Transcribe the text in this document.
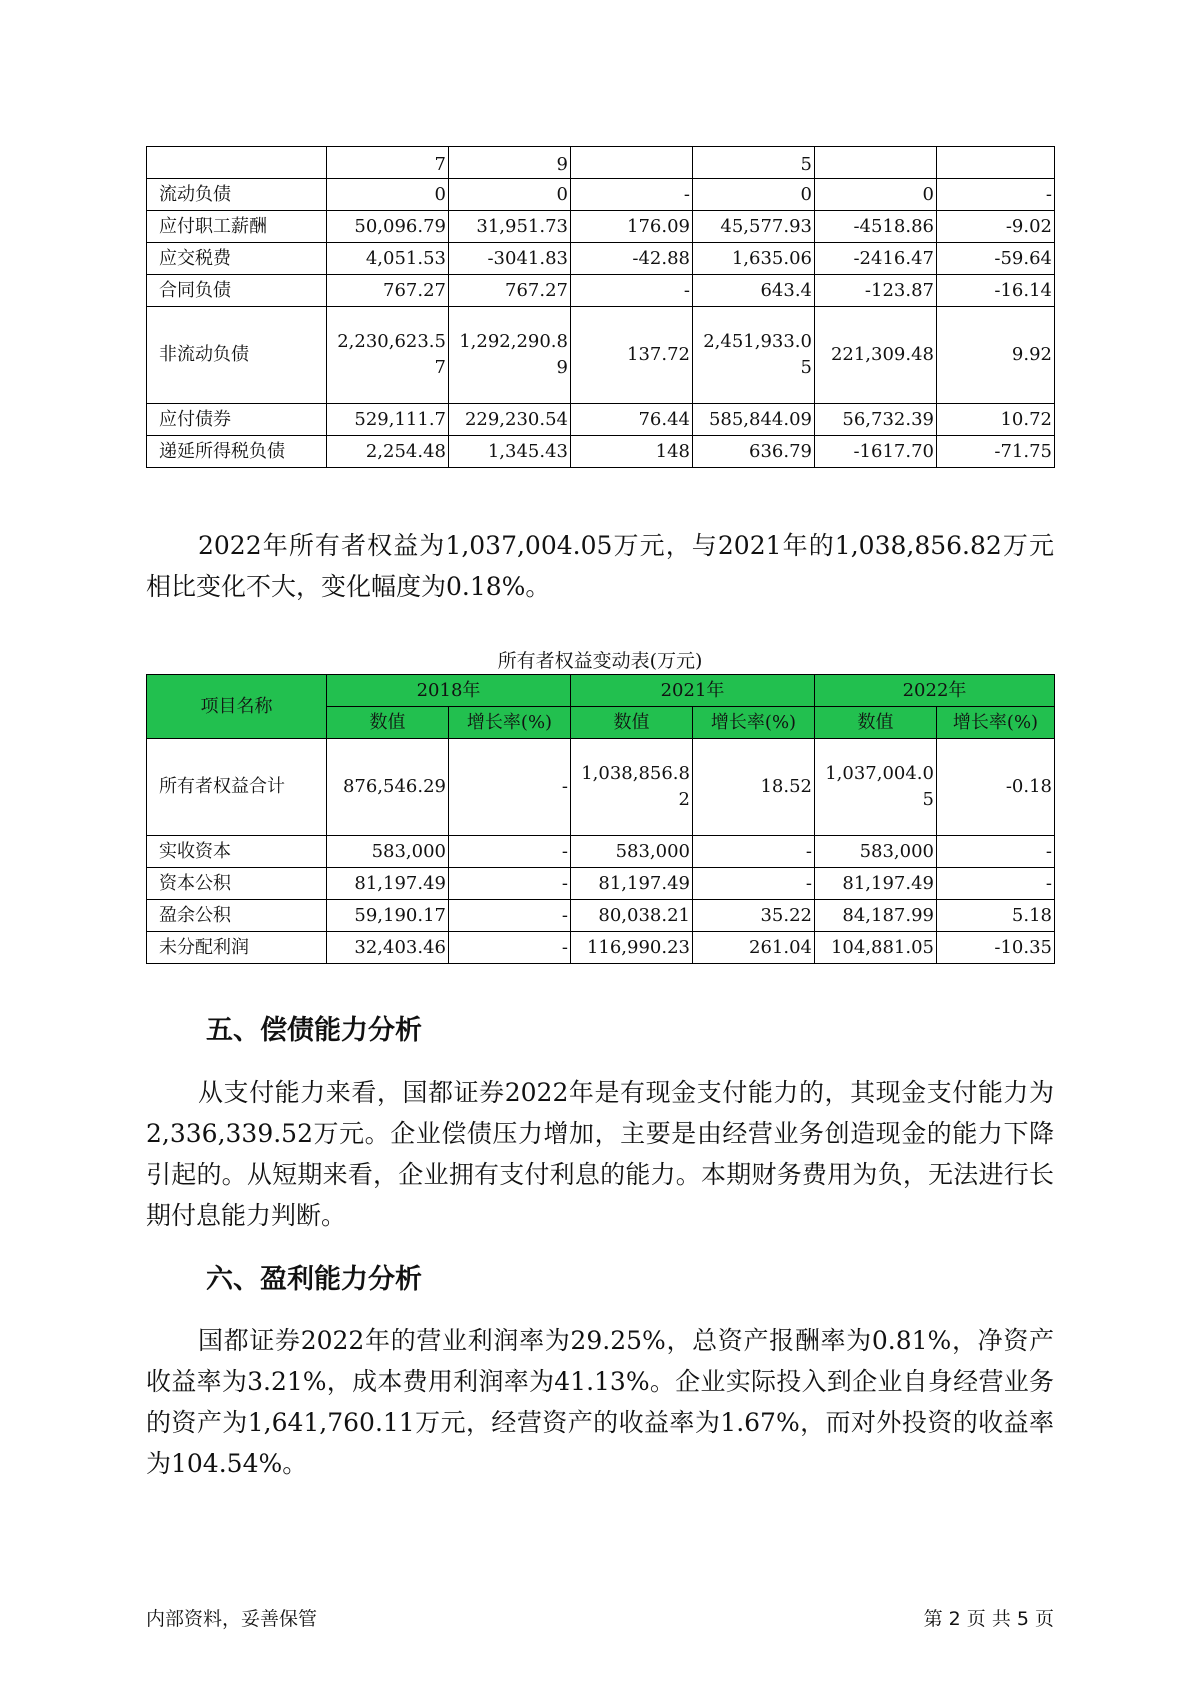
	7	9		5		
流动负债	0	0	-	0	0	-
应付职工薪酬	50,096.79	31,951.73	176.09	45,577.93	-4518.86	-9.02
应交税费	4,051.53	-3041.83	-42.88	1,635.06	-2416.47	-59.64
合同负债	767.27	767.27	-	643.4	-123.87	-16.14
非流动负债	2,230,623.57	1,292,290.89	137.72	2,451,933.05	221,309.48	9.92
应付债券	529,111.7	229,230.54	76.44	585,844.09	56,732.39	10.72
递延所得税负债	2,254.48	1,345.43	148	636.79	-1617.70	-71.75

2022年所有者权益为1,037,004.05万元，与2021年的1,038,856.82万元相比变化不大，变化幅度为0.18%。

所有者权益变动表(万元)
项目名称	2018年		2021年		2022年	
	数值	增长率(%)	数值	增长率(%)	数值	增长率(%)
所有者权益合计	876,546.29	-	1,038,856.82	18.52	1,037,004.05	-0.18
实收资本	583,000	-	583,000	-	583,000	-
资本公积	81,197.49	-	81,197.49	-	81,197.49	-
盈余公积	59,190.17	-	80,038.21	35.22	84,187.99	5.18
未分配利润	32,403.46	-	116,990.23	261.04	104,881.05	-10.35
五、偿债能力分析

从支付能力来看，国都证券2022年是有现金支付能力的，其现金支付能力为2,336,339.52万元。企业偿债压力增加，主要是由经营业务创造现金的能力下降引起的。从短期来看，企业拥有支付利息的能力。本期财务费用为负，无法进行长期付息能力判断。

六、盈利能力分析

国都证券2022年的营业利润率为29.25%，总资产报酬率为0.81%，净资产收益率为3.21%，成本费用利润率为41.13%。企业实际投入到企业自身经营业务的资产为1,641,760.11万元，经营资产的收益率为1.67%，而对外投资的收益率为104.54%。

内部资料，妥善保管	第 2 页 共 5 页
